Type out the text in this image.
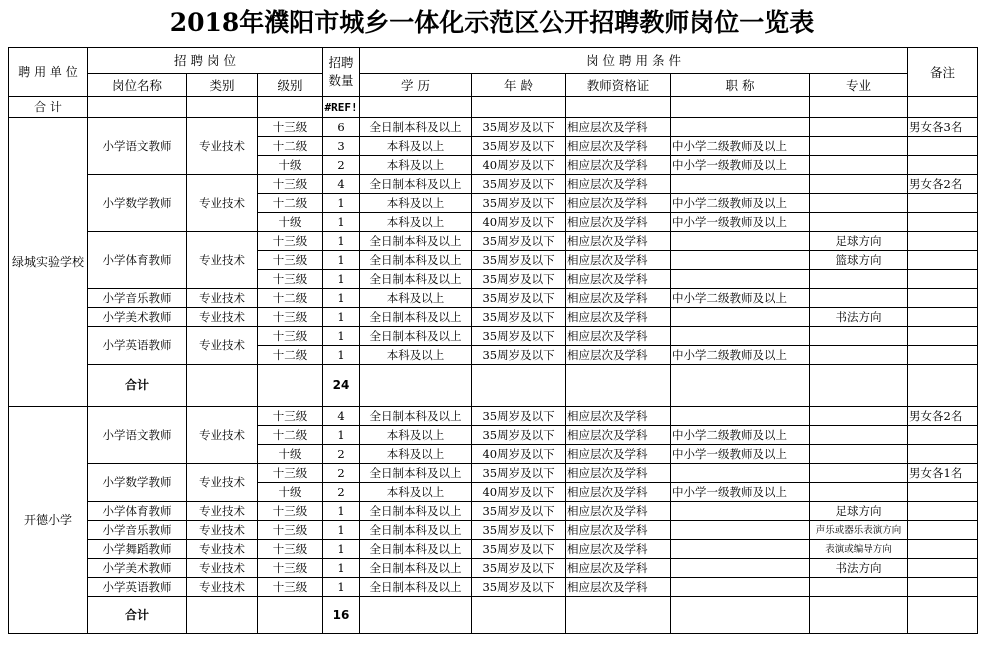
2018年濮阳市城乡一体化示范区公开招聘教师岗位一览表
聘 用 单 位	招 聘 岗 位			招聘数量	岗 位 聘 用 条 件					备注
	岗位名称	类别	级别		学 历	年 龄	教师资格证	职 称	专业	
合 计				#REF!						
绿城实验学校	小学语文教师	专业技术	十三级	6	全日制本科及以上	35周岁及以下	相应层次及学科			男女各3名
			十二级	3	本科及以上	35周岁及以下	相应层次及学科	中小学二级教师及以上		
			十级	2	本科及以上	40周岁及以下	相应层次及学科	中小学一级教师及以上		
	小学数学教师	专业技术	十三级	4	全日制本科及以上	35周岁及以下	相应层次及学科			男女各2名
			十二级	1	本科及以上	35周岁及以下	相应层次及学科	中小学二级教师及以上		
			十级	1	本科及以上	40周岁及以下	相应层次及学科	中小学一级教师及以上		
	小学体育教师	专业技术	十三级	1	全日制本科及以上	35周岁及以下	相应层次及学科		足球方向	
			十三级	1	全日制本科及以上	35周岁及以下	相应层次及学科		篮球方向	
			十三级	1	全日制本科及以上	35周岁及以下	相应层次及学科			
	小学音乐教师	专业技术	十二级	1	本科及以上	35周岁及以下	相应层次及学科	中小学二级教师及以上		
	小学美术教师	专业技术	十三级	1	全日制本科及以上	35周岁及以下	相应层次及学科		书法方向	
	小学英语教师	专业技术	十三级	1	全日制本科及以上	35周岁及以下	相应层次及学科			
			十二级	1	本科及以上	35周岁及以下	相应层次及学科	中小学二级教师及以上		
	合计			24						
开德小学	小学语文教师	专业技术	十三级	4	全日制本科及以上	35周岁及以下	相应层次及学科			男女各2名
			十二级	1	本科及以上	35周岁及以下	相应层次及学科	中小学二级教师及以上		
			十级	2	本科及以上	40周岁及以下	相应层次及学科	中小学一级教师及以上		
	小学数学教师	专业技术	十三级	2	全日制本科及以上	35周岁及以下	相应层次及学科			男女各1名
			十级	2	本科及以上	40周岁及以下	相应层次及学科	中小学一级教师及以上		
	小学体育教师	专业技术	十三级	1	全日制本科及以上	35周岁及以下	相应层次及学科		足球方向	
	小学音乐教师	专业技术	十三级	1	全日制本科及以上	35周岁及以下	相应层次及学科		声乐或器乐表演方向	
	小学舞蹈教师	专业技术	十三级	1	全日制本科及以上	35周岁及以下	相应层次及学科		表演或编导方向	
	小学美术教师	专业技术	十三级	1	全日制本科及以上	35周岁及以下	相应层次及学科		书法方向	
	小学英语教师	专业技术	十三级	1	全日制本科及以上	35周岁及以下	相应层次及学科			
	合计			16						
